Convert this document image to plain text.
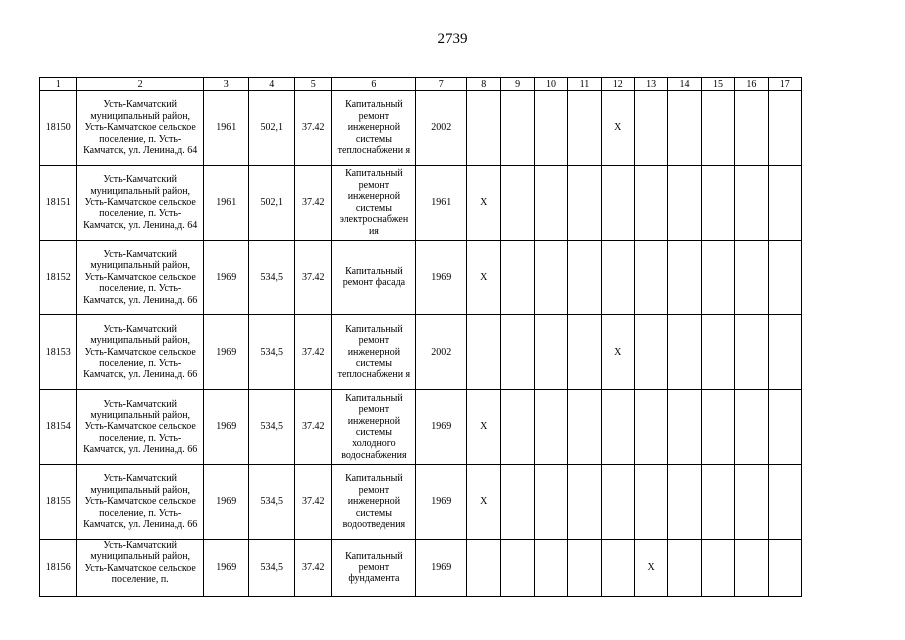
2739
1	2	3	4	5	6	7	8	9	10	11	12	13	14	15	16	17
18150	Усть-Камчатский муниципальный район, Усть-Камчатское сельское поселение, п. Усть-Камчатск, ул. Ленина,д. 64	1961	502,1	37.42	Капитальный ремонт инженерной системы теплоснабжени я	2002					X					
18151	Усть-Камчатский муниципальный район, Усть-Камчатское сельское поселение, п. Усть-Камчатск, ул. Ленина,д. 64	1961	502,1	37.42	Капитальный ремонт инженерной системы электроснабжен ия	1961	X									
18152	Усть-Камчатский муниципальный район, Усть-Камчатское сельское поселение, п. Усть-Камчатск, ул. Ленина,д. 66	1969	534,5	37.42	Капитальный ремонт фасада	1969	X									
18153	Усть-Камчатский муниципальный район, Усть-Камчатское сельское поселение, п. Усть-Камчатск, ул. Ленина,д. 66	1969	534,5	37.42	Капитальный ремонт инженерной системы теплоснабжени я	2002					X					
18154	Усть-Камчатский муниципальный район, Усть-Камчатское сельское поселение, п. Усть-Камчатск, ул. Ленина,д. 66	1969	534,5	37.42	Капитальный ремонт инженерной системы холодного водоснабжения	1969	X									
18155	Усть-Камчатский муниципальный район, Усть-Камчатское сельское поселение, п. Усть-Камчатск, ул. Ленина,д. 66	1969	534,5	37.42	Капитальный ремонт инженерной системы водоотведения	1969	X									
18156	Усть-Камчатский муниципальный район, Усть-Камчатское сельское поселение, п.	1969	534,5	37.42	Капитальный ремонт фундамента	1969						X				
